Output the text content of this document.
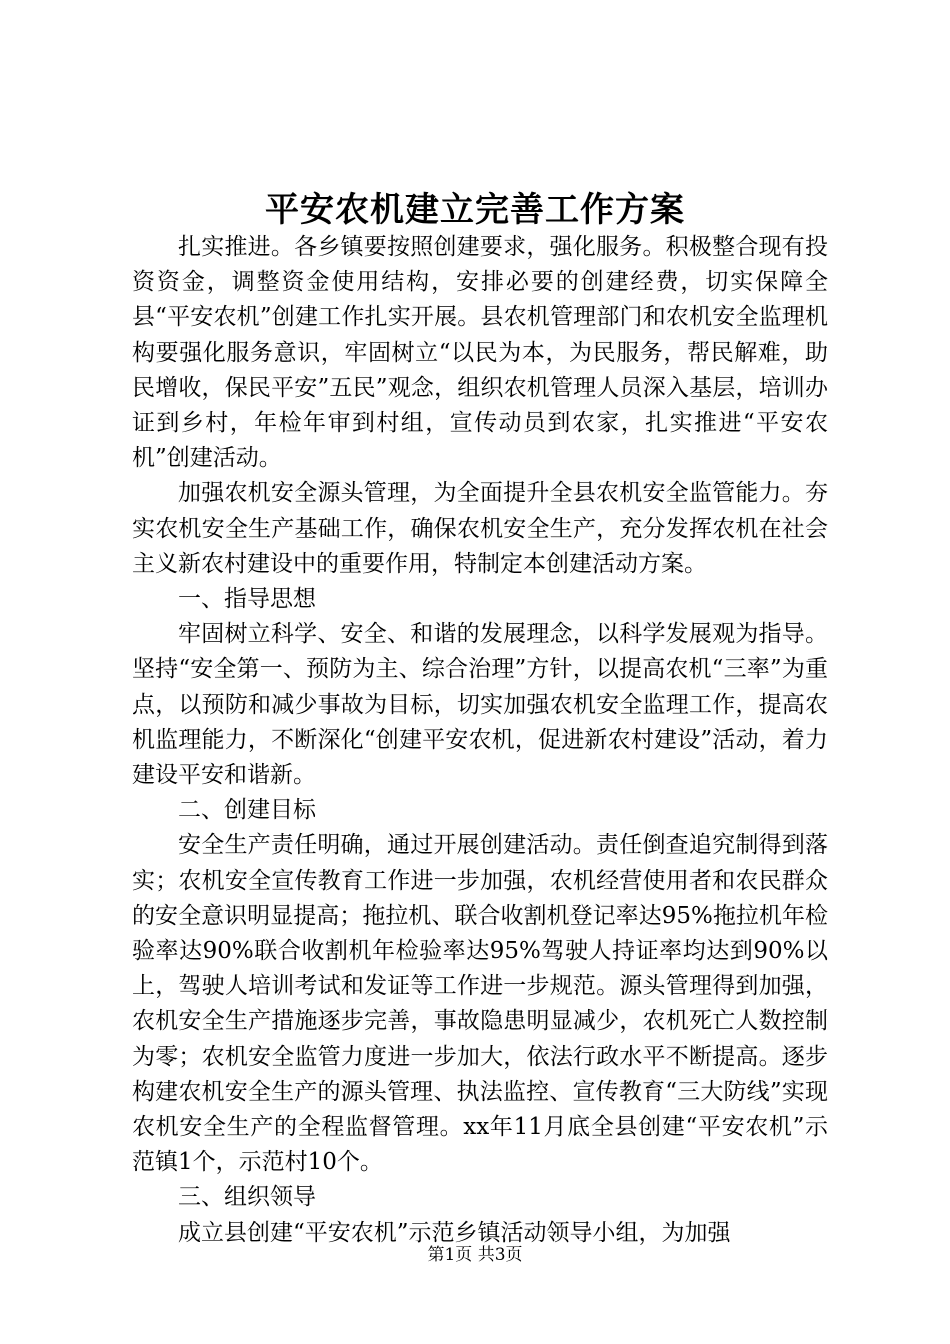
平安农机建立完善工作方案

扎实推进。各乡镇要按照创建要求，强化服务。积极整合现有投资资金，调整资金使用结构，安排必要的创建经费，切实保障全县“平安农机”创建工作扎实开展。县农机管理部门和农机安全监理机构要强化服务意识，牢固树立“以民为本，为民服务，帮民解难，助民增收，保民平安”五民”观念，组织农机管理人员深入基层，培训办证到乡村，年检年审到村组，宣传动员到农家，扎实推进“平安农机”创建活动。

加强农机安全源头管理，为全面提升全县农机安全监管能力。夯实农机安全生产基础工作，确保农机安全生产，充分发挥农机在社会主义新农村建设中的重要作用，特制定本创建活动方案。

一、指导思想

牢固树立科学、安全、和谐的发展理念，以科学发展观为指导。坚持“安全第一、预防为主、综合治理”方针，以提高农机“三率”为重点，以预防和减少事故为目标，切实加强农机安全监理工作，提高农机监理能力，不断深化“创建平安农机，促进新农村建设”活动，着力建设平安和谐新。

二、创建目标

安全生产责任明确，通过开展创建活动。责任倒查追究制得到落实；农机安全宣传教育工作进一步加强，农机经营使用者和农民群众的安全意识明显提高；拖拉机、联合收割机登记率达95%拖拉机年检验率达90%联合收割机年检验率达95%驾驶人持证率均达到90%以上，驾驶人培训考试和发证等工作进一步规范。源头管理得到加强，农机安全生产措施逐步完善，事故隐患明显减少，农机死亡人数控制为零；农机安全监管力度进一步加大，依法行政水平不断提高。逐步构建农机安全生产的源头管理、执法监控、宣传教育“三大防线”实现农机安全生产的全程监督管理。xx年11月底全县创建“平安农机”示范镇1个，示范村10个。

三、组织领导

成立县创建“平安农机”示范乡镇活动领导小组，为加强

第1页 共3页
